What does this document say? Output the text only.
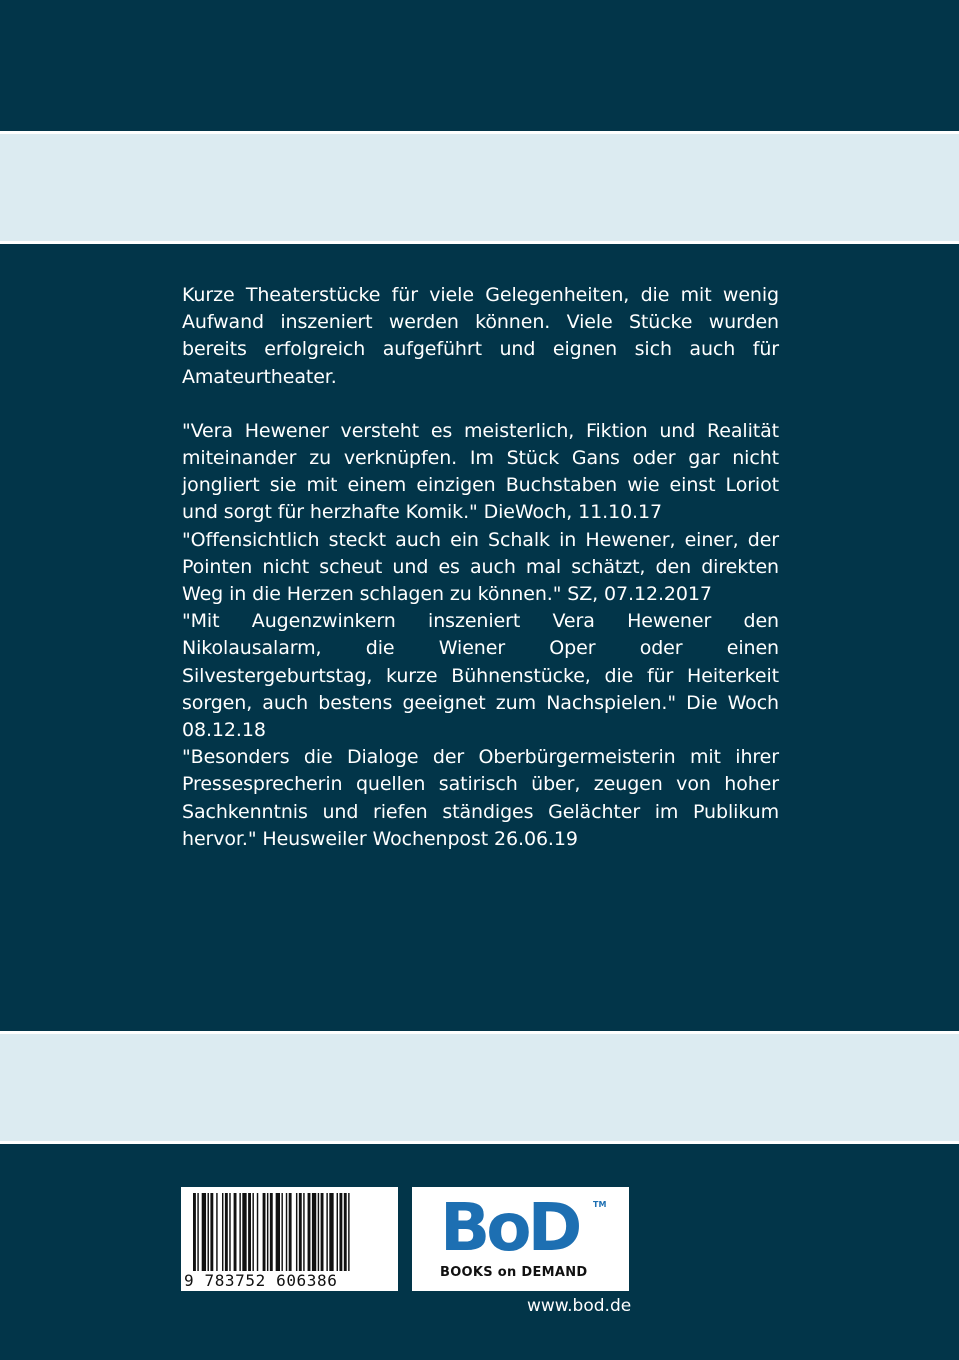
Kurze Theaterstücke für viele Gelegenheiten, die mit wenig Aufwand inszeniert werden können. Viele Stücke wurden bereits erfolgreich aufgeführt und eignen sich auch für Amateurtheater.

"Vera Hewener versteht es meisterlich, Fiktion und Realität miteinander zu verknüpfen. Im Stück Gans oder gar nicht jongliert sie mit einem einzigen Buchstaben wie einst Loriot und sorgt für herzhafte Komik." DieWoch, 11.10.17

"Offensichtlich steckt auch ein Schalk in Hewener, einer, der Pointen nicht scheut und es auch mal schätzt, den direkten Weg in die Herzen schlagen zu können." SZ, 07.12.2017

"Mit Augenzwinkern inszeniert Vera Hewener den Nikolausalarm, die Wiener Oper oder einen Silvestergeburtstag, kurze Bühnenstücke, die für Heiterkeit sorgen, auch bestens geeignet zum Nachspielen." Die Woch 08.12.18

"Besonders die Dialoge der Oberbürgermeisterin mit ihrer Pressesprecherin quellen satirisch über, zeugen von hoher Sachkenntnis und riefen ständiges Gelächter im Publikum hervor." Heusweiler Wochenpost 26.06.19

9 783752 606386
BoD TM
BOOKS on DEMAND
www.bod.de
